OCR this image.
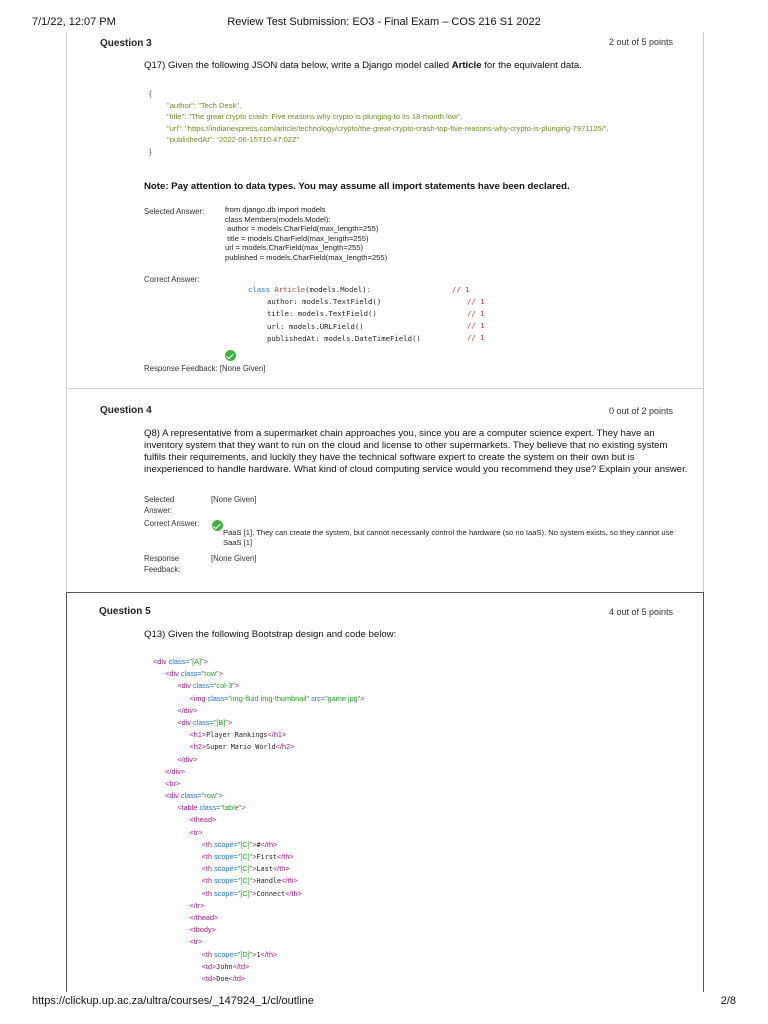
7/1/22, 12:07 PM	Review Test Submission: EO3 - Final Exam – COS 216 S1 2022
Question 3	2 out of 5 points
Q17) Given the following JSON data below, write a Django model called Article for the equivalent data.
{
"author": "Tech Desk",
"title": "The great crypto crash: Five reasons why crypto is plunging to its 18-month low",
"url": "https://indianexpress.com/article/technology/crypto/the-great-crypto-crash-top-five-reasons-why-crypto-is-plunging-7971125/",
"publishedAt": "2022-06-15T10:47:02Z"
}
Note: Pay attention to data types. You may assume all import statements have been declared.
Selected Answer:	from django.db import models
class Members(models.Model):
author = models.CharField(max_length=255)
title = models.CharField(max_length=255)
url = models.CharField(max_length=255)
published = models.CharField(max_length=255)
Correct Answer:
class Article(models.Model):
author: models.TextField()
title: models.TextField()
url: models.URLField()
publishedAt: models.DateTimeField()
// 1
// 1
// 1
// 1
// 1
Response Feedback: [None Given]
Question 4	0 out of 2 points
Q8) A representative from a supermarket chain approaches you, since you are a computer science expert. They have an inventory system that they want to run on the cloud and license to other supermarkets. They believe that no existing system fulfils their requirements, and luckily they have the technical software expert to create the system on their own but is inexperienced to handle hardware. What kind of cloud computing service would you recommend they use? Explain your answer.
Selected Answer:
[None Given]
Correct Answer:
PaaS [1]. They can create the system, but cannot necessarily control the hardware (so no IaaS). No system exists, so they cannot use SaaS [1]
Response Feedback:
[None Given]
Question 5	4 out of 5 points
Q13) Given the following Bootstrap design and code below:
<div class="[A]">
<div class="row">
<div class="col-3">
<img class="img-fluid img-thumbnail" src="game.jpg">
</div>
<div class="[B]">
<h1>Player Rankings</h1>
<h2>Super Mario World</h2>
</div>
</div>
<br>
<div class="row">
<table class="table">
<thead>
<tr>
<th scope="[C]">#</th>
<th scope="[C]">First</th>
<th scope="[C]">Last</th>
<th scope="[C]">Handle</th>
<th scope="[C]">Connect</th>
</tr>
</thead>
<tbody>
<tr>
<th scope="[D]">1</th>
<td>John</td>
<td>Doe</td>
https://clickup.up.ac.za/ultra/courses/_147924_1/cl/outline	2/8
